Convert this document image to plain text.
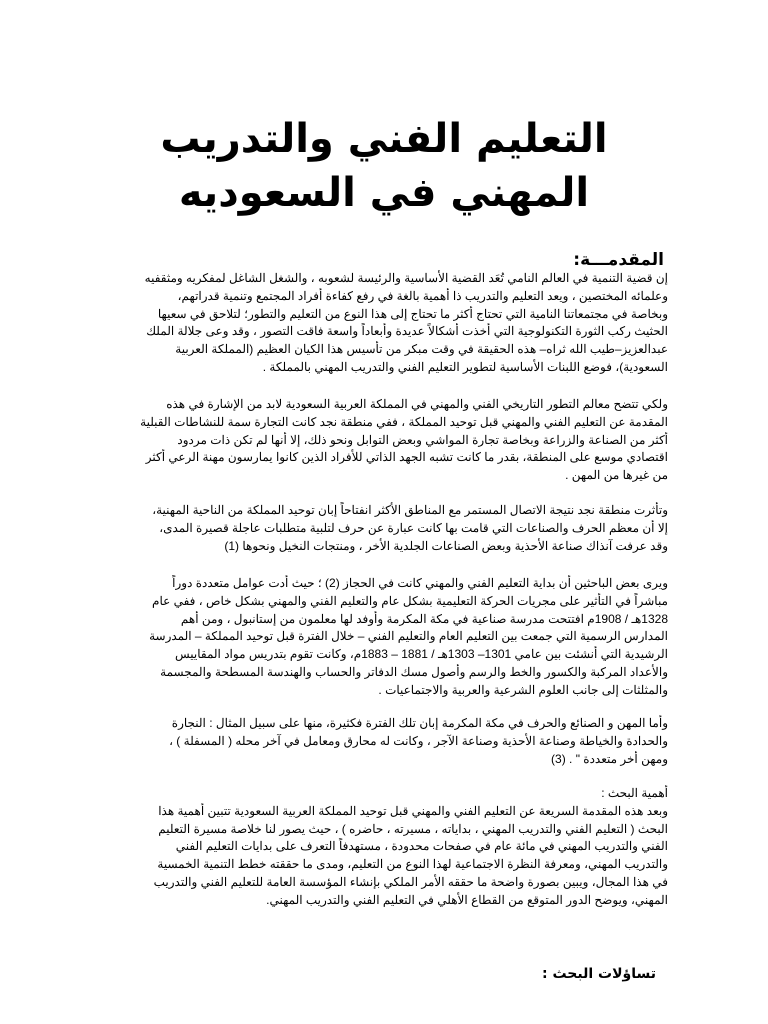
التعليم الفني والتدريب
المهني في السعوديه
المقدمـــة:
إن قضية التنمية في العالم النامي تُعَد القضية الأساسية والرئيسة لشعوبه ، والشغل الشاغل لمفكريه ومثقفيه
وعلمائه المختصين ، ويعد التعليم والتدريب ذا أهمية بالغة في رفع كفاءة أفراد المجتمع وتنمية قدراتهم،
وبخاصة في مجتمعاتنا النامية التي تحتاج أكثر ما تحتاج إلى هذا النوع من التعليم والتطور؛ لتلاحق في سعيها
الحثيث ركب الثورة التكنولوجية التي أخذت أشكالاً عديدة وأبعاداً واسعة فاقت التصور ، وقد وعى جلالة الملك
عبدالعزيز–طيب الله ثراه– هذه الحقيقة في وقت مبكر من تأسيس هذا الكيان العظيم (المملكة العربية
السعودية)، فوضع اللبنات الأساسية لتطوير التعليم الفني والتدريب المهني بالمملكة .
ولكي تتضح معالم التطور التاريخي الفني والمهني في المملكة العربية السعودية لابد من الإشارة في هذه
المقدمة عن التعليم الفني والمهني قبل توحيد المملكة ، ففي منطقة نجد كانت التجارة سمة للنشاطات القبلية
أكثر من الصناعة والزراعة وبخاصة تجارة المواشي وبعض التوابل ونحو ذلك، إلا أنها لم تكن ذات مردود
اقتصادي موسع على المنطقة، بقدر ما كانت تشبه الجهد الذاتي للأفراد الذين كانوا يمارسون مهنة الرعي أكثر
من غيرها من المهن .
وتأثرت منطقة نجد نتيجة الاتصال المستمر مع المناطق الأكثر انفتاحاً إبان توحيد المملكة من الناحية المهنية،
إلا أن معظم الحرف والصناعات التي قامت بها كانت عبارة عن حرف لتلبية متطلبات عاجلة قصيرة المدى،
وقد عرفت آنذاك صناعة الأحذية وبعض الصناعات الجلدية الأخر ، ومنتجات النخيل ونحوها (1)
ويرى بعض الباحثين أن بداية التعليم الفني والمهني كانت في الحجاز (2) ؛ حيث أدت عوامل متعددة دوراً
مباشراً في التأثير على مجريات الحركة التعليمية بشكل عام والتعليم الفني والمهني بشكل خاص ، ففي عام
1328هـ / 1908م افتتحت مدرسة صناعية في مكة المكرمة وأوفد لها معلمون من إستانبول ، ومن أهم
المدارس الرسمية التي جمعت بين التعليم العام والتعليم الفني – خلال الفترة قبل توحيد المملكة – المدرسة
الرشيدية التي أنشئت بين عامي 1301– 1303هـ / 1881 – 1883م، وكانت تقوم بتدريس مواد المقاييس
والأعداد المركبة والكسور والخط والرسم وأصول مسك الدفاتر والحساب والهندسة المسطحة والمجسمة
والمثلثات إلى جانب العلوم الشرعية والعربية والاجتماعيات .
وأما المهن و الصنائع والحرف في مكة المكرمة إبان تلك الفترة فكثيرة، منها على سبيل المثال : النجارة
والحدادة والخياطة وصناعة الأحذية وصناعة الآجر ، وكانت له محارق ومعامل في آخر محله ( المسفلة ) ،
ومهن أخر متعددة " . (3)
أهمية البحث :
وبعد هذه المقدمة السريعة عن التعليم الفني والمهني قبل توحيد المملكة العربية السعودية تتبين أهمية هذا
البحث ( التعليم الفني والتدريب المهني ، بداياته ، مسيرته ، حاضره ) ، حيث يصور لنا خلاصة مسيرة التعليم
الفني والتدريب المهني في مائة عام في صفحات محدودة ، مستهدفاً التعرف على بدايات التعليم الفني
والتدريب المهني، ومعرفة النظرة الاجتماعية لهذا النوع من التعليم، ومدى ما حققته خطط التنمية الخمسية
في هذا المجال، ويبين بصورة واضحة ما حققه الأمر الملكي بإنشاء المؤسسة العامة للتعليم الفني والتدريب
المهني، ويوضح الدور المتوقع من القطاع الأهلي في التعليم الفني والتدريب المهني.
تساؤلات البحث :
